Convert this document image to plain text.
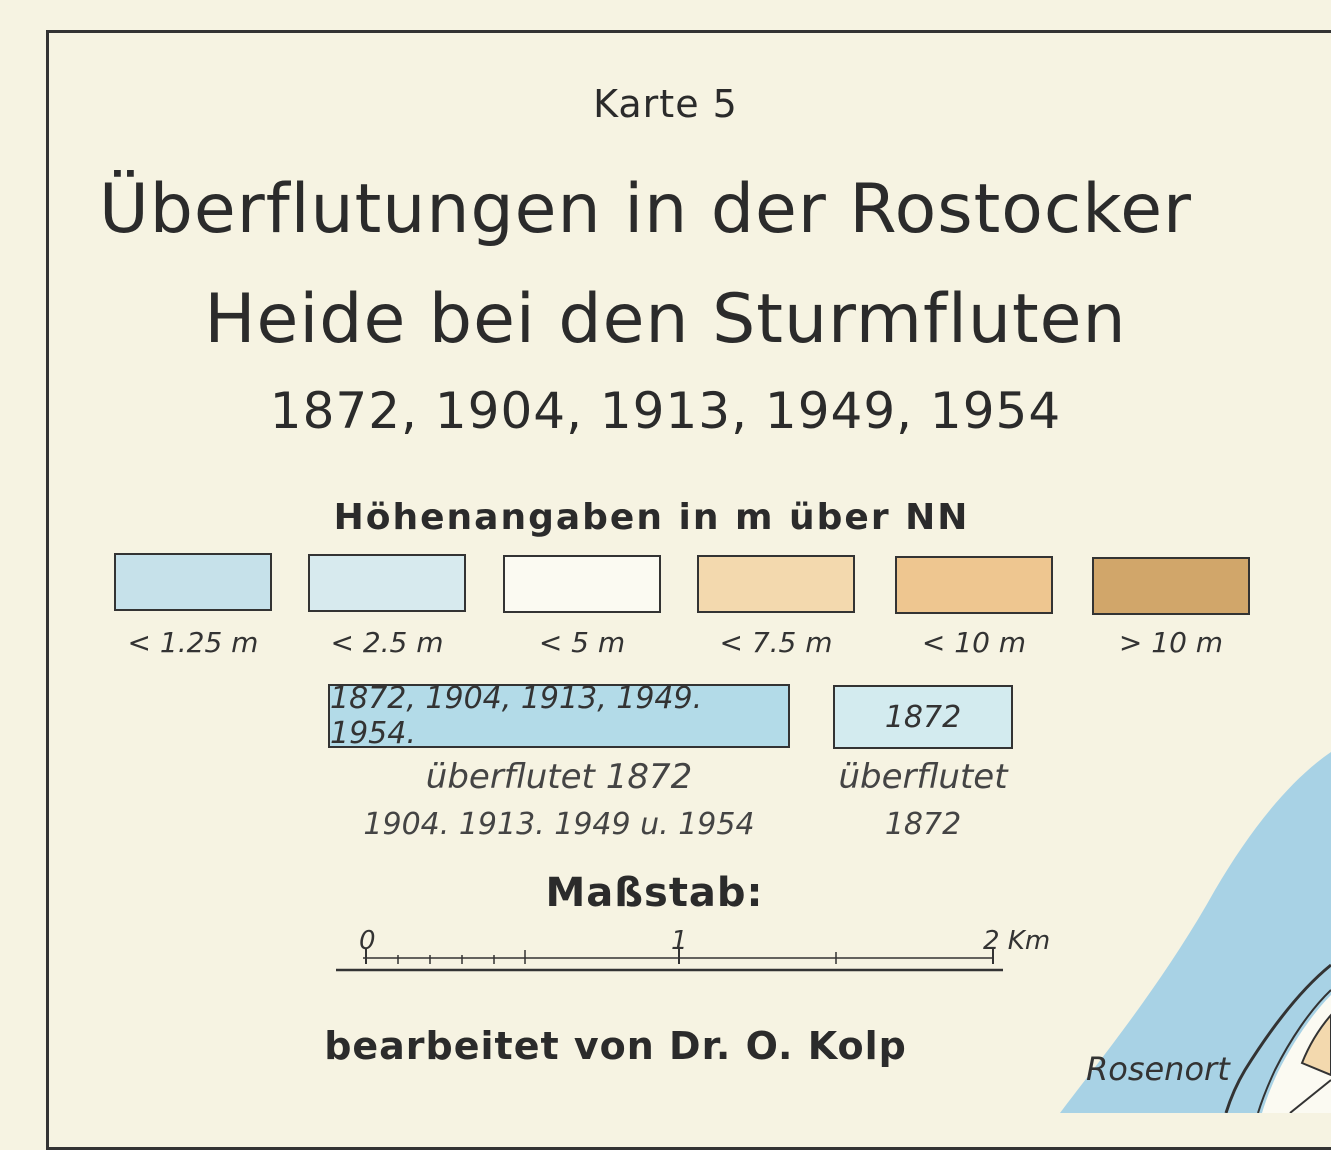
Karte 5
Überflutungen in der Rostocker
Heide bei den Sturmfluten
1872, 1904, 1913, 1949, 1954
Höhenangaben in m über NN
< 1.25 m	< 2.5 m	< 5 m	< 7.5 m	< 10 m	> 10 m
1872, 1904, 1913, 1949. 1954.	1872
überflutet 1872
1904. 1913. 1949 u. 1954
überflutet
1872
Maßstab:
0	1	2 Km
bearbeitet von Dr. O. Kolp
Rosenort
